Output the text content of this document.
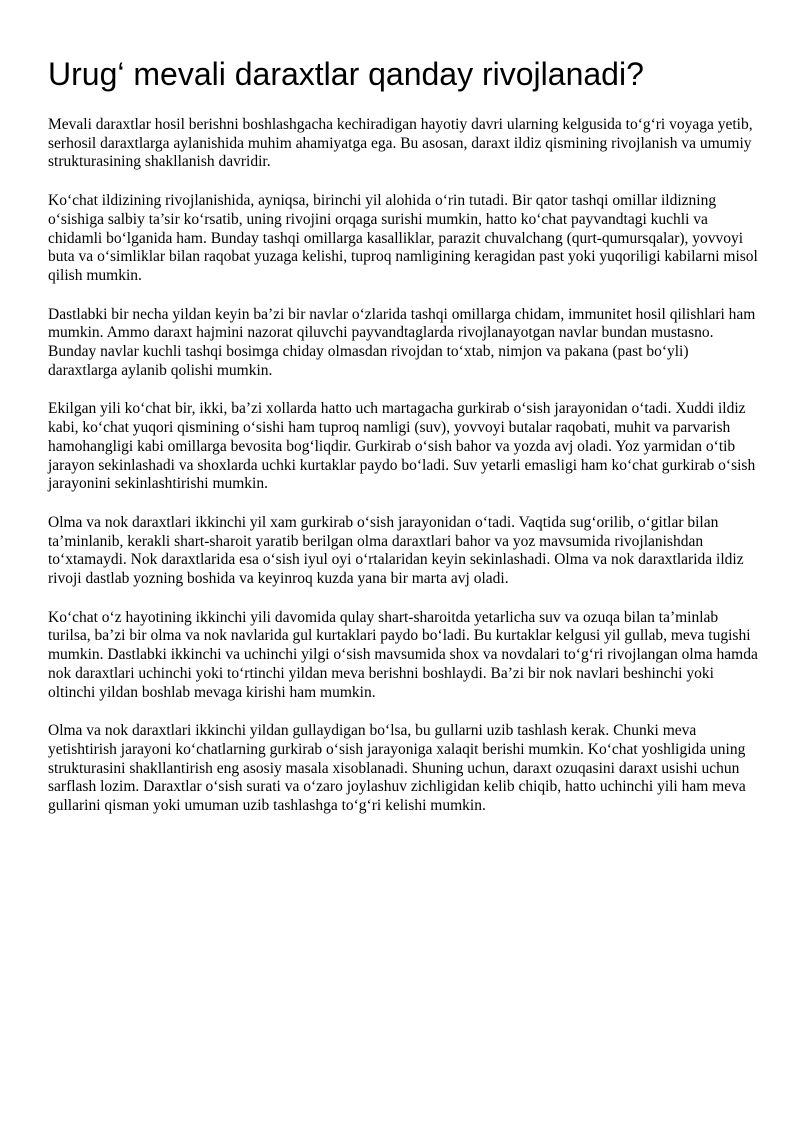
Urug‘ mevali daraxtlar qanday rivojlanadi?

Mevali daraxtlar hosil berishni boshlashgacha kechiradigan hayotiy davri ularning kelgusida to‘g‘ri voyaga yetib, serhosil daraxtlarga aylanishida muhim ahamiyatga ega. Bu asosan, daraxt ildiz qismining rivojlanish va umumiy strukturasining shakllanish davridir.

Ko‘chat ildizining rivojlanishida, ayniqsa, birinchi yil alohida o‘rin tutadi. Bir qator tashqi omillar ildizning o‘sishiga salbiy ta’sir ko‘rsatib, uning rivojini orqaga surishi mumkin, hatto ko‘chat payvandtagi kuchli va chidamli bo‘lganida ham. Bunday tashqi omillarga kasalliklar, parazit chuvalchang (qurt-qumursqalar), yovvoyi buta va o‘simliklar bilan raqobat yuzaga kelishi, tuproq namligining keragidan past yoki yuqoriligi kabilarni misol qilish mumkin.

Dastlabki bir necha yildan keyin ba’zi bir navlar o‘zlarida tashqi omillarga chidam, immunitet hosil qilishlari ham mumkin. Ammo daraxt hajmini nazorat qiluvchi payvandtaglarda rivojlanayotgan navlar bundan mustasno. Bunday navlar kuchli tashqi bosimga chiday olmasdan rivojdan to‘xtab, nimjon va pakana (past bo‘yli) daraxtlarga aylanib qolishi mumkin.

Ekilgan yili ko‘chat bir, ikki, ba’zi xollarda hatto uch martagacha gurkirab o‘sish jarayonidan o‘tadi. Xuddi ildiz kabi, ko‘chat yuqori qismining o‘sishi ham tuproq namligi (suv), yovvoyi butalar raqobati, muhit va parvarish hamohangligi kabi omillarga bevosita bog‘liqdir. Gurkirab o‘sish bahor va yozda avj oladi. Yoz yarmidan o‘tib jarayon sekinlashadi va shoxlarda uchki kurtaklar paydo bo‘ladi. Suv yetarli emasligi ham ko‘chat gurkirab o‘sish jarayonini sekinlashtirishi mumkin.

Olma va nok daraxtlari ikkinchi yil xam gurkirab o‘sish jarayonidan o‘tadi. Vaqtida sug‘orilib, o‘gitlar bilan ta’minlanib, kerakli shart-sharoit yaratib berilgan olma daraxtlari bahor va yoz mavsumida rivojlanishdan to‘xtamaydi. Nok daraxtlarida esa o‘sish iyul oyi o‘rtalaridan keyin sekinlashadi. Olma va nok daraxtlarida ildiz rivoji dastlab yozning boshida va keyinroq kuzda yana bir marta avj oladi.

Ko‘chat o‘z hayotining ikkinchi yili davomida qulay shart-sharoitda yetarlicha suv va ozuqa bilan ta’minlab turilsa, ba’zi bir olma va nok navlarida gul kurtaklari paydo bo‘ladi. Bu kurtaklar kelgusi yil gullab, meva tugishi mumkin. Dastlabki ikkinchi va uchinchi yilgi o‘sish mavsumida shox va novdalari to‘g‘ri rivojlangan olma hamda nok daraxtlari uchinchi yoki to‘rtinchi yildan meva berishni boshlaydi. Ba’zi bir nok navlari beshinchi yoki oltinchi yildan boshlab mevaga kirishi ham mumkin.

Olma va nok daraxtlari ikkinchi yildan gullaydigan bo‘lsa, bu gullarni uzib tashlash kerak. Chunki meva yetishtirish jarayoni ko‘chatlarning gurkirab o‘sish jarayoniga xalaqit berishi mumkin. Ko‘chat yoshligida uning strukturasini shakllantirish eng asosiy masala xisoblanadi. Shuning uchun, daraxt ozuqasini daraxt usishi uchun sarflash lozim. Daraxtlar o‘sish surati va o‘zaro joylashuv zichligidan kelib chiqib, hatto uchinchi yili ham meva gullarini qisman yoki umuman uzib tashlashga to‘g‘ri kelishi mumkin.
